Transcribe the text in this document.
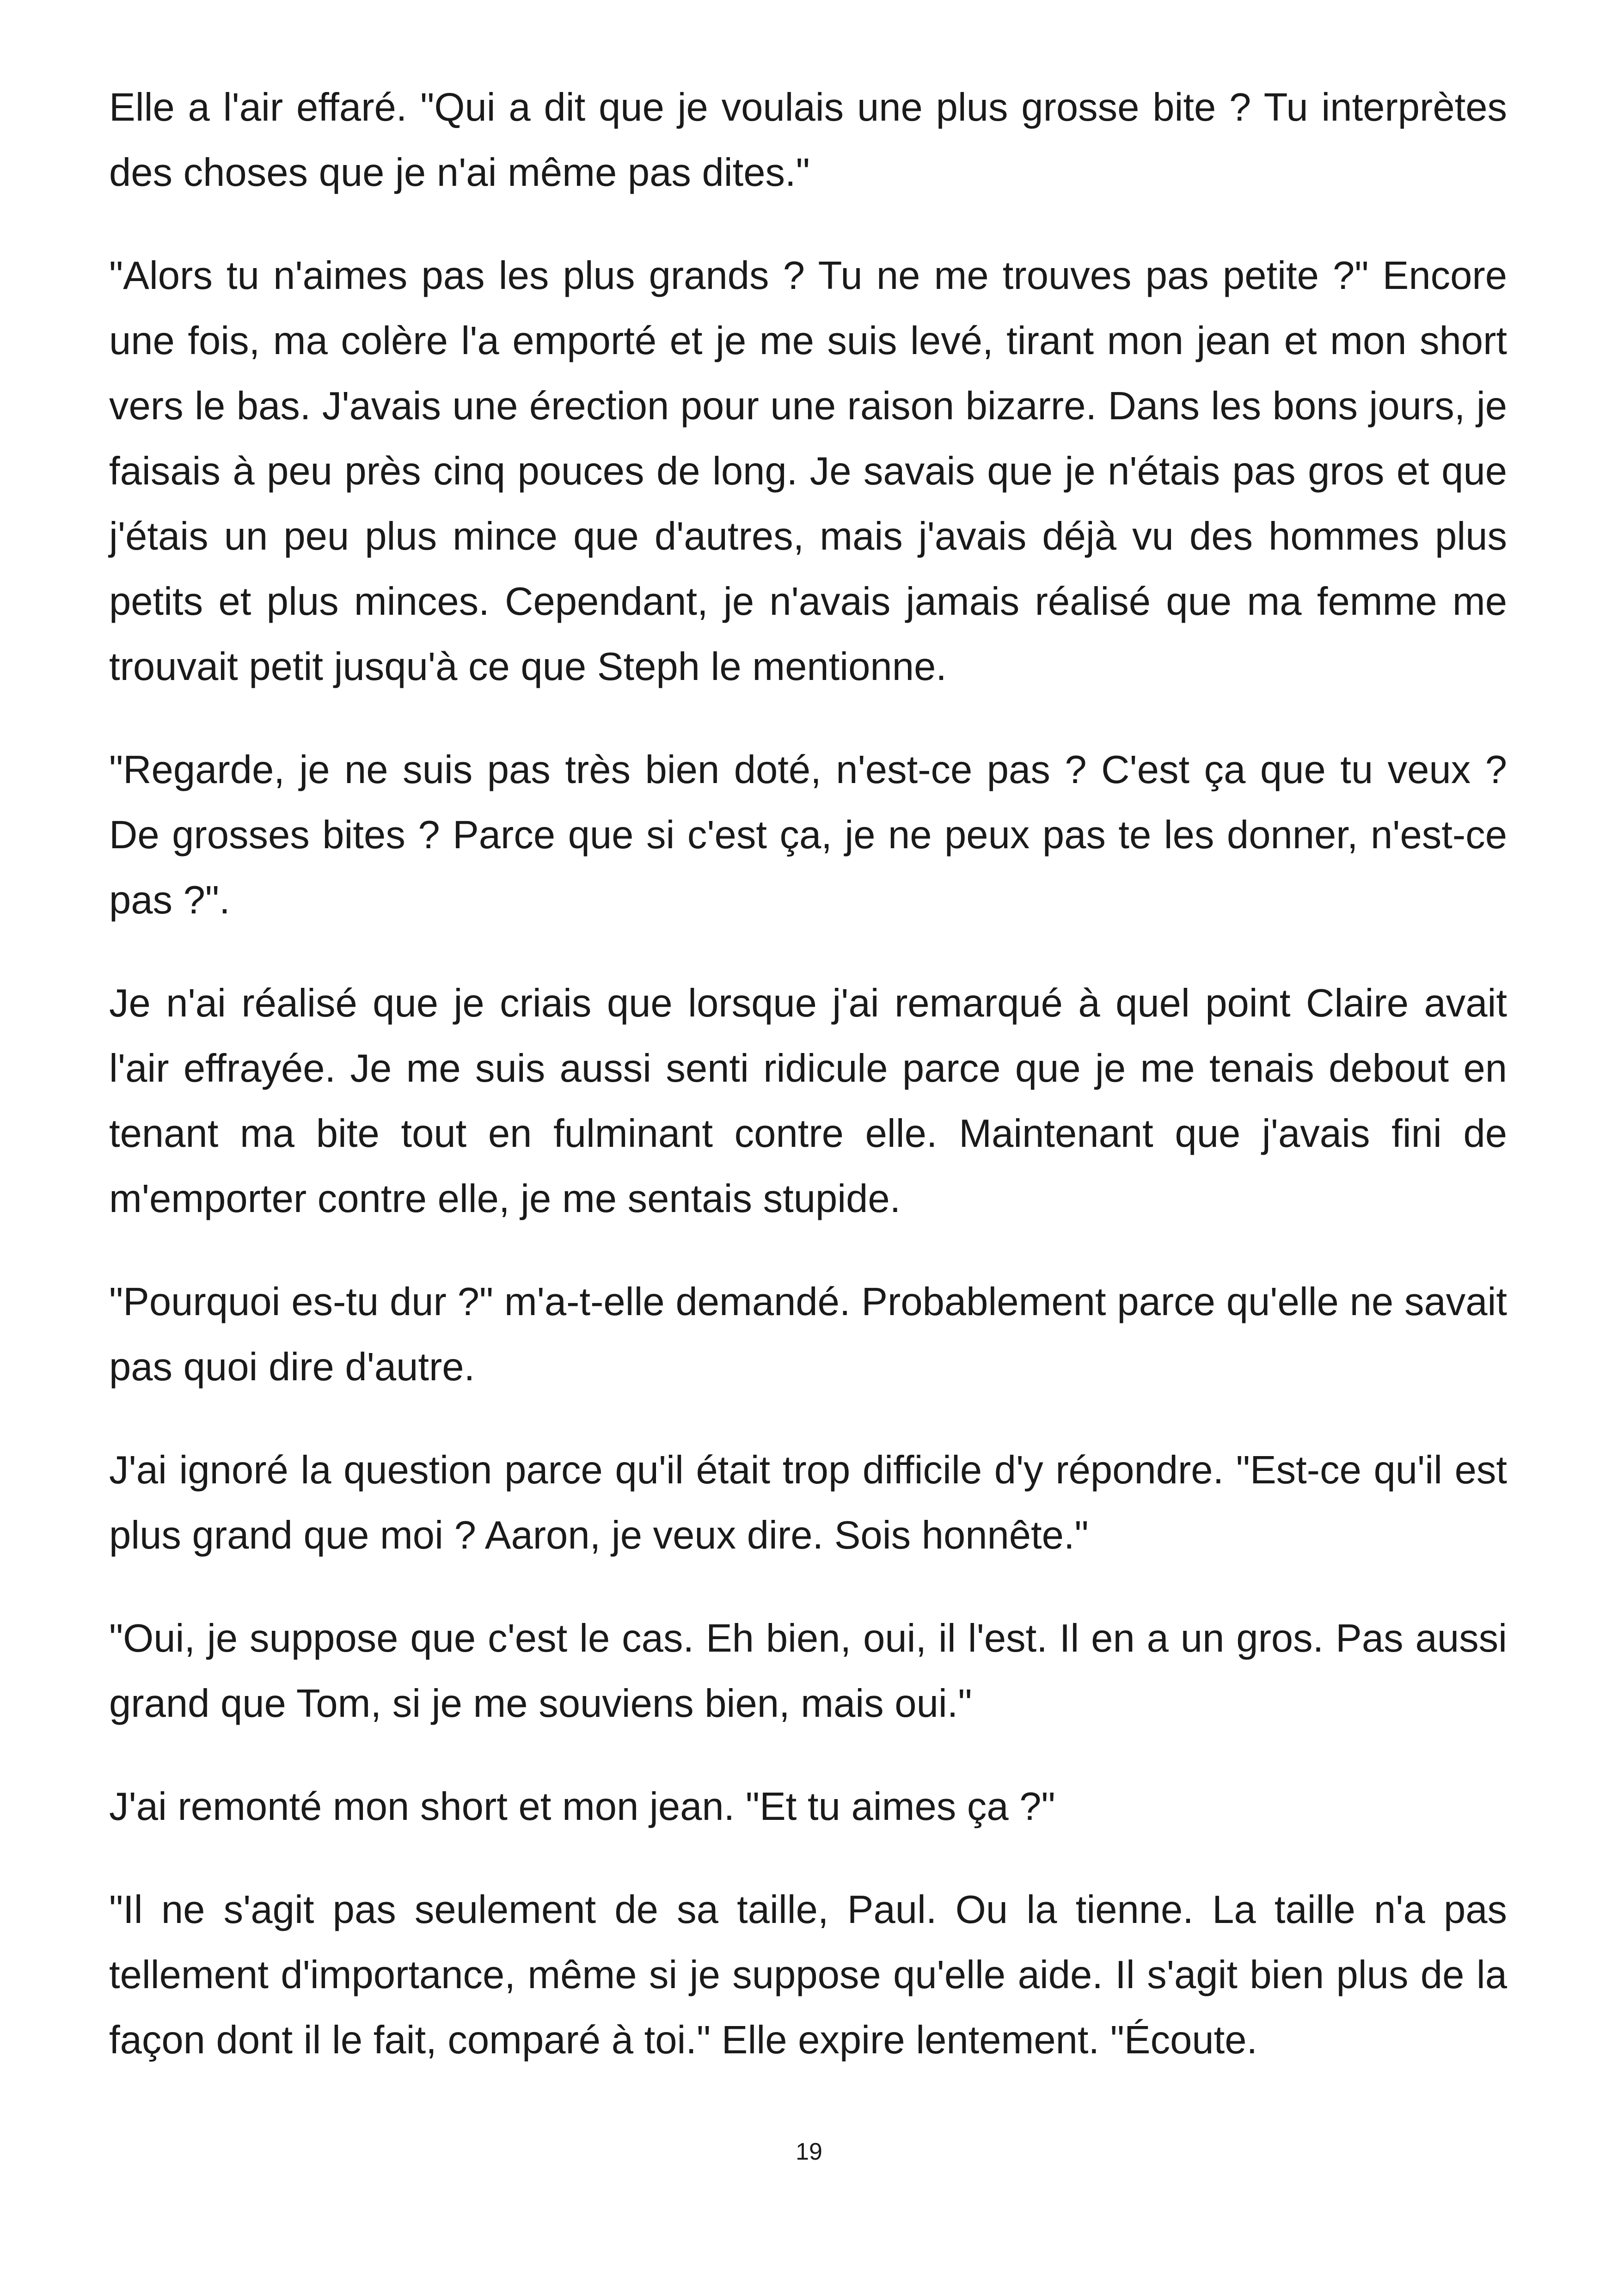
Elle a l'air effaré. "Qui a dit que je voulais une plus grosse bite ? Tu interprètes des choses que je n'ai même pas dites."

"Alors tu n'aimes pas les plus grands ? Tu ne me trouves pas petite ?" Encore une fois, ma colère l'a emporté et je me suis levé, tirant mon jean et mon short vers le bas. J'avais une érection pour une raison bizarre. Dans les bons jours, je faisais à peu près cinq pouces de long. Je savais que je n'étais pas gros et que j'étais un peu plus mince que d'autres, mais j'avais déjà vu des hommes plus petits et plus minces. Cependant, je n'avais jamais réalisé que ma femme me trouvait petit jusqu'à ce que Steph le mentionne.

"Regarde, je ne suis pas très bien doté, n'est-ce pas ? C'est ça que tu veux ? De grosses bites ? Parce que si c'est ça, je ne peux pas te les donner, n'est-ce pas ?".

Je n'ai réalisé que je criais que lorsque j'ai remarqué à quel point Claire avait l'air effrayée. Je me suis aussi senti ridicule parce que je me tenais debout en tenant ma bite tout en fulminant contre elle. Maintenant que j'avais fini de m'emporter contre elle, je me sentais stupide.

"Pourquoi es-tu dur ?" m'a-t-elle demandé. Probablement parce qu'elle ne savait pas quoi dire d'autre.

J'ai ignoré la question parce qu'il était trop difficile d'y répondre. "Est-ce qu'il est plus grand que moi ? Aaron, je veux dire. Sois honnête."

"Oui, je suppose que c'est le cas. Eh bien, oui, il l'est. Il en a un gros. Pas aussi grand que Tom, si je me souviens bien, mais oui."

J'ai remonté mon short et mon jean. "Et tu aimes ça ?"

"Il ne s'agit pas seulement de sa taille, Paul. Ou la tienne. La taille n'a pas tellement d'importance, même si je suppose qu'elle aide. Il s'agit bien plus de la façon dont il le fait, comparé à toi." Elle expire lentement. "Écoute.

19
